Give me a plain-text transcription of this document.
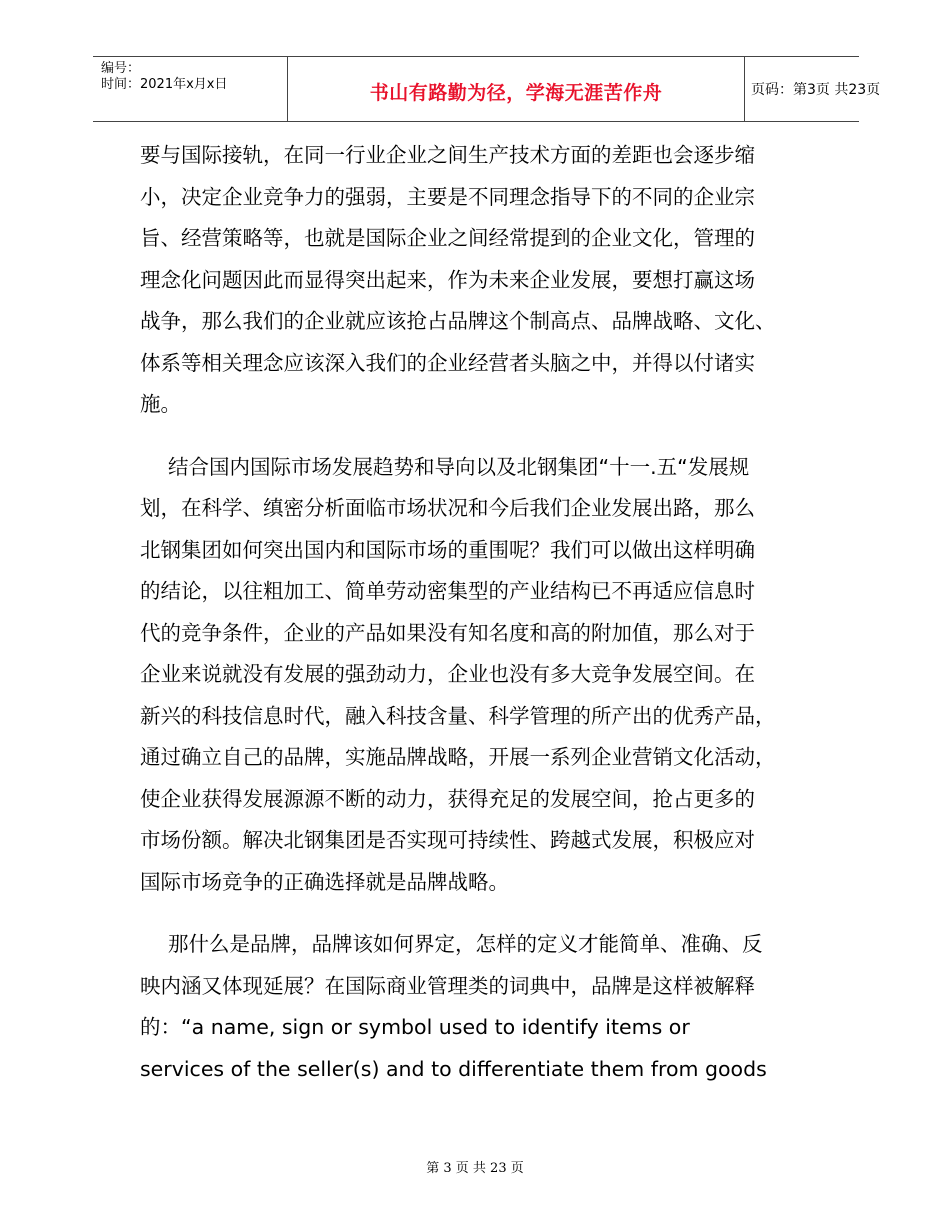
编号：
时间：2021年x月x日	书山有路勤为径，学海无涯苦作舟	页码：第3页 共23页
要与国际接轨，在同一行业企业之间生产技术方面的差距也会逐步缩
小，决定企业竞争力的强弱，主要是不同理念指导下的不同的企业宗
旨、经营策略等，也就是国际企业之间经常提到的企业文化，管理的
理念化问题因此而显得突出起来，作为未来企业发展，要想打赢这场
战争，那么我们的企业就应该抢占品牌这个制高点、品牌战略、文化、
体系等相关理念应该深入我们的企业经营者头脑之中，并得以付诸实
施。
结合国内国际市场发展趋势和导向以及北钢集团“十一.五“发展规
划，在科学、缜密分析面临市场状况和今后我们企业发展出路，那么
北钢集团如何突出国内和国际市场的重围呢？我们可以做出这样明确
的结论，以往粗加工、简单劳动密集型的产业结构已不再适应信息时
代的竞争条件，企业的产品如果没有知名度和高的附加值，那么对于
企业来说就没有发展的强劲动力，企业也没有多大竞争发展空间。在
新兴的科技信息时代，融入科技含量、科学管理的所产出的优秀产品，
通过确立自己的品牌，实施品牌战略，开展一系列企业营销文化活动，
使企业获得发展源源不断的动力，获得充足的发展空间，抢占更多的
市场份额。解决北钢集团是否实现可持续性、跨越式发展，积极应对
国际市场竞争的正确选择就是品牌战略。
那什么是品牌，品牌该如何界定，怎样的定义才能简单、准确、反
映内涵又体现延展？在国际商业管理类的词典中，品牌是这样被解释
的：“a name, sign or symbol used to identify items or
services of the seller(s) and to differentiate them from goods
第 3 页 共 23 页
